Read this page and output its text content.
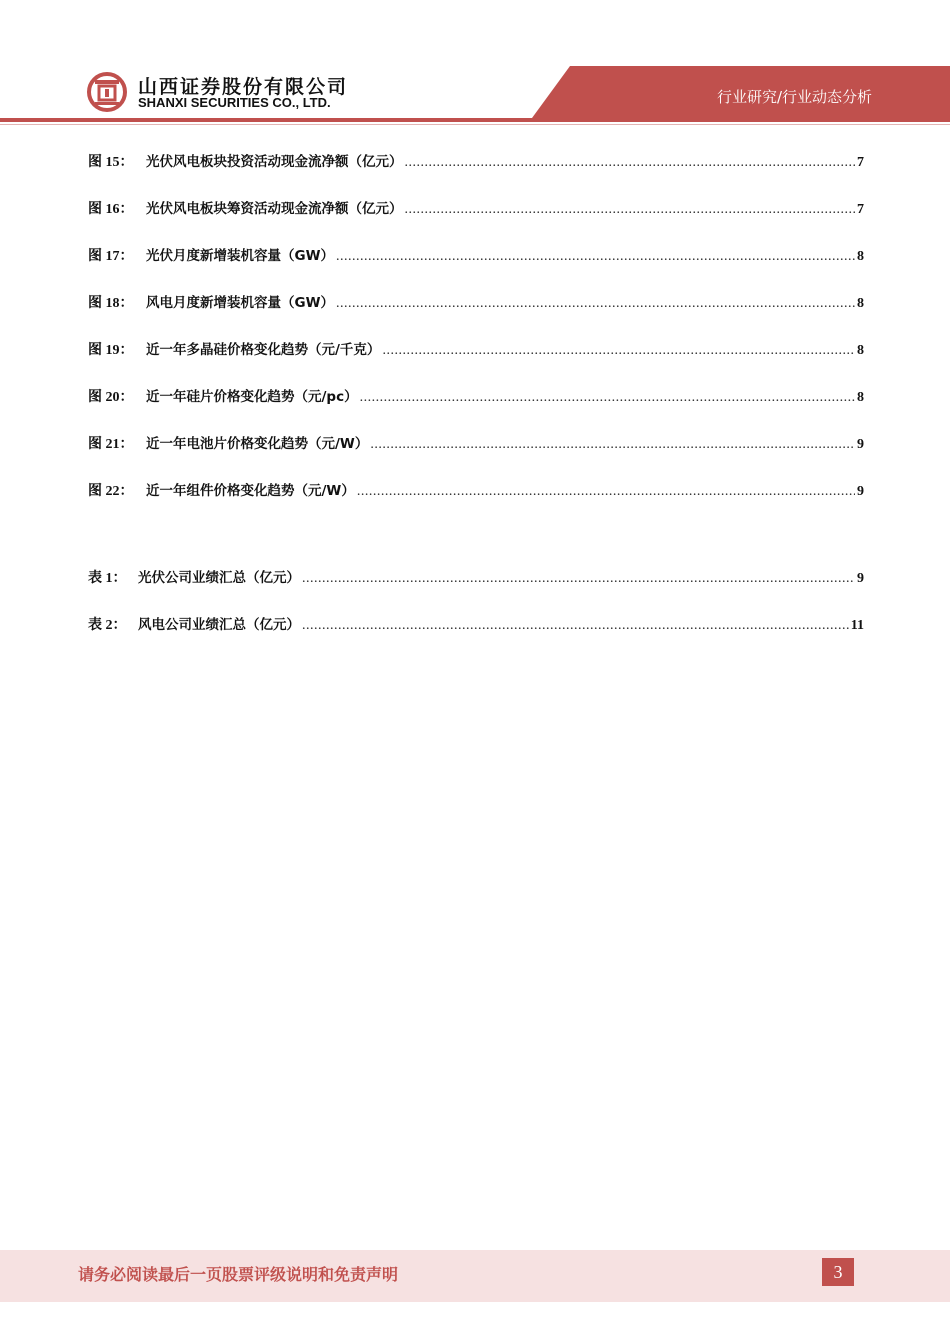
山西证券股份有限公司
SHANXI SECURITIES CO., LTD.	行业研究/行业动态分析
图 15： 光伏风电板块投资活动现金流净额（亿元） .....	7
图 16： 光伏风电板块筹资活动现金流净额（亿元） .....	7
图 17： 光伏月度新增装机容量（GW） .....	8
图 18： 风电月度新增装机容量（GW） .....	8
图 19： 近一年多晶硅价格变化趋势（元/千克） .....	8
图 20： 近一年硅片价格变化趋势（元/pc） .....	8
图 21： 近一年电池片价格变化趋势（元/W） .....	9
图 22： 近一年组件价格变化趋势（元/W） .....	9
表 1： 光伏公司业绩汇总（亿元） .....	9
表 2： 风电公司业绩汇总（亿元） .....	11
请务必阅读最后一页股票评级说明和免责声明	3
